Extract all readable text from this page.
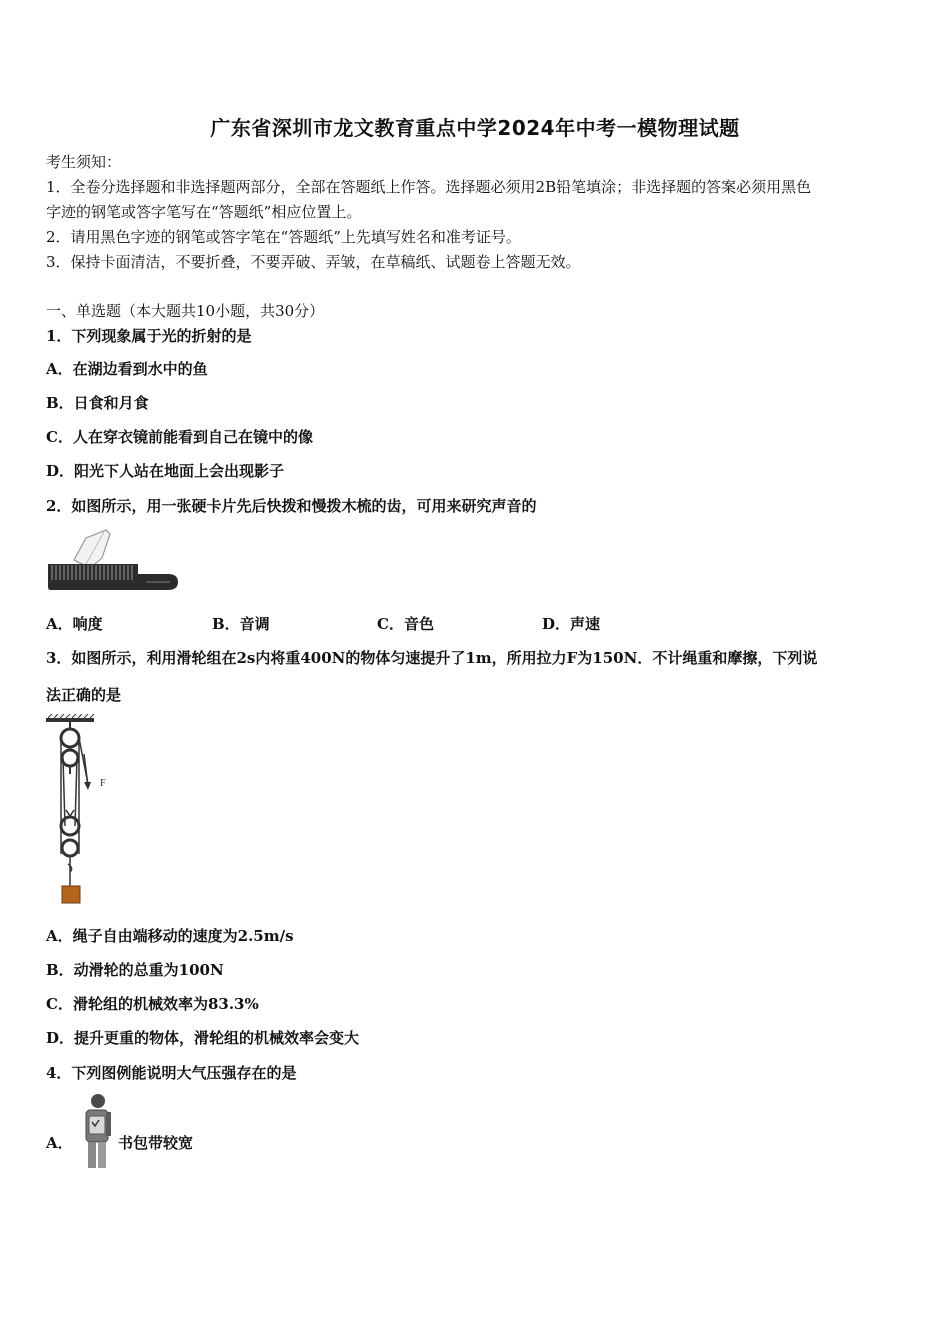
广东省深圳市龙文教育重点中学2024年中考一模物理试题
考生须知：
1．全卷分选择题和非选择题两部分，全部在答题纸上作答。选择题必须用2B铅笔填涂；非选择题的答案必须用黑色
字迹的钢笔或答字笔写在“答题纸”相应位置上。
2．请用黑色字迹的钢笔或答字笔在“答题纸”上先填写姓名和准考证号。
3．保持卡面清洁，不要折叠，不要弄破、弄皱，在草稿纸、试题卷上答题无效。
一、单选题（本大题共10小题，共30分）
1．下列现象属于光的折射的是
A．在湖边看到水中的鱼
B．日食和月食
C．人在穿衣镜前能看到自己在镜中的像
D．阳光下人站在地面上会出现影子
2．如图所示，用一张硬卡片先后快拨和慢拨木梳的齿，可用来研究声音的
A．响度	B．音调	C．音色	D．声速
3．如图所示，利用滑轮组在2s内将重400N的物体匀速提升了1m，所用拉力F为150N．不计绳重和摩擦，下列说
法正确的是
F
A．绳子自由端移动的速度为2.5m/s
B．动滑轮的总重为100N
C．滑轮组的机械效率为83.3%
D．提升更重的物体，滑轮组的机械效率会变大
4．下列图例能说明大气压强存在的是
A．	书包带较宽
